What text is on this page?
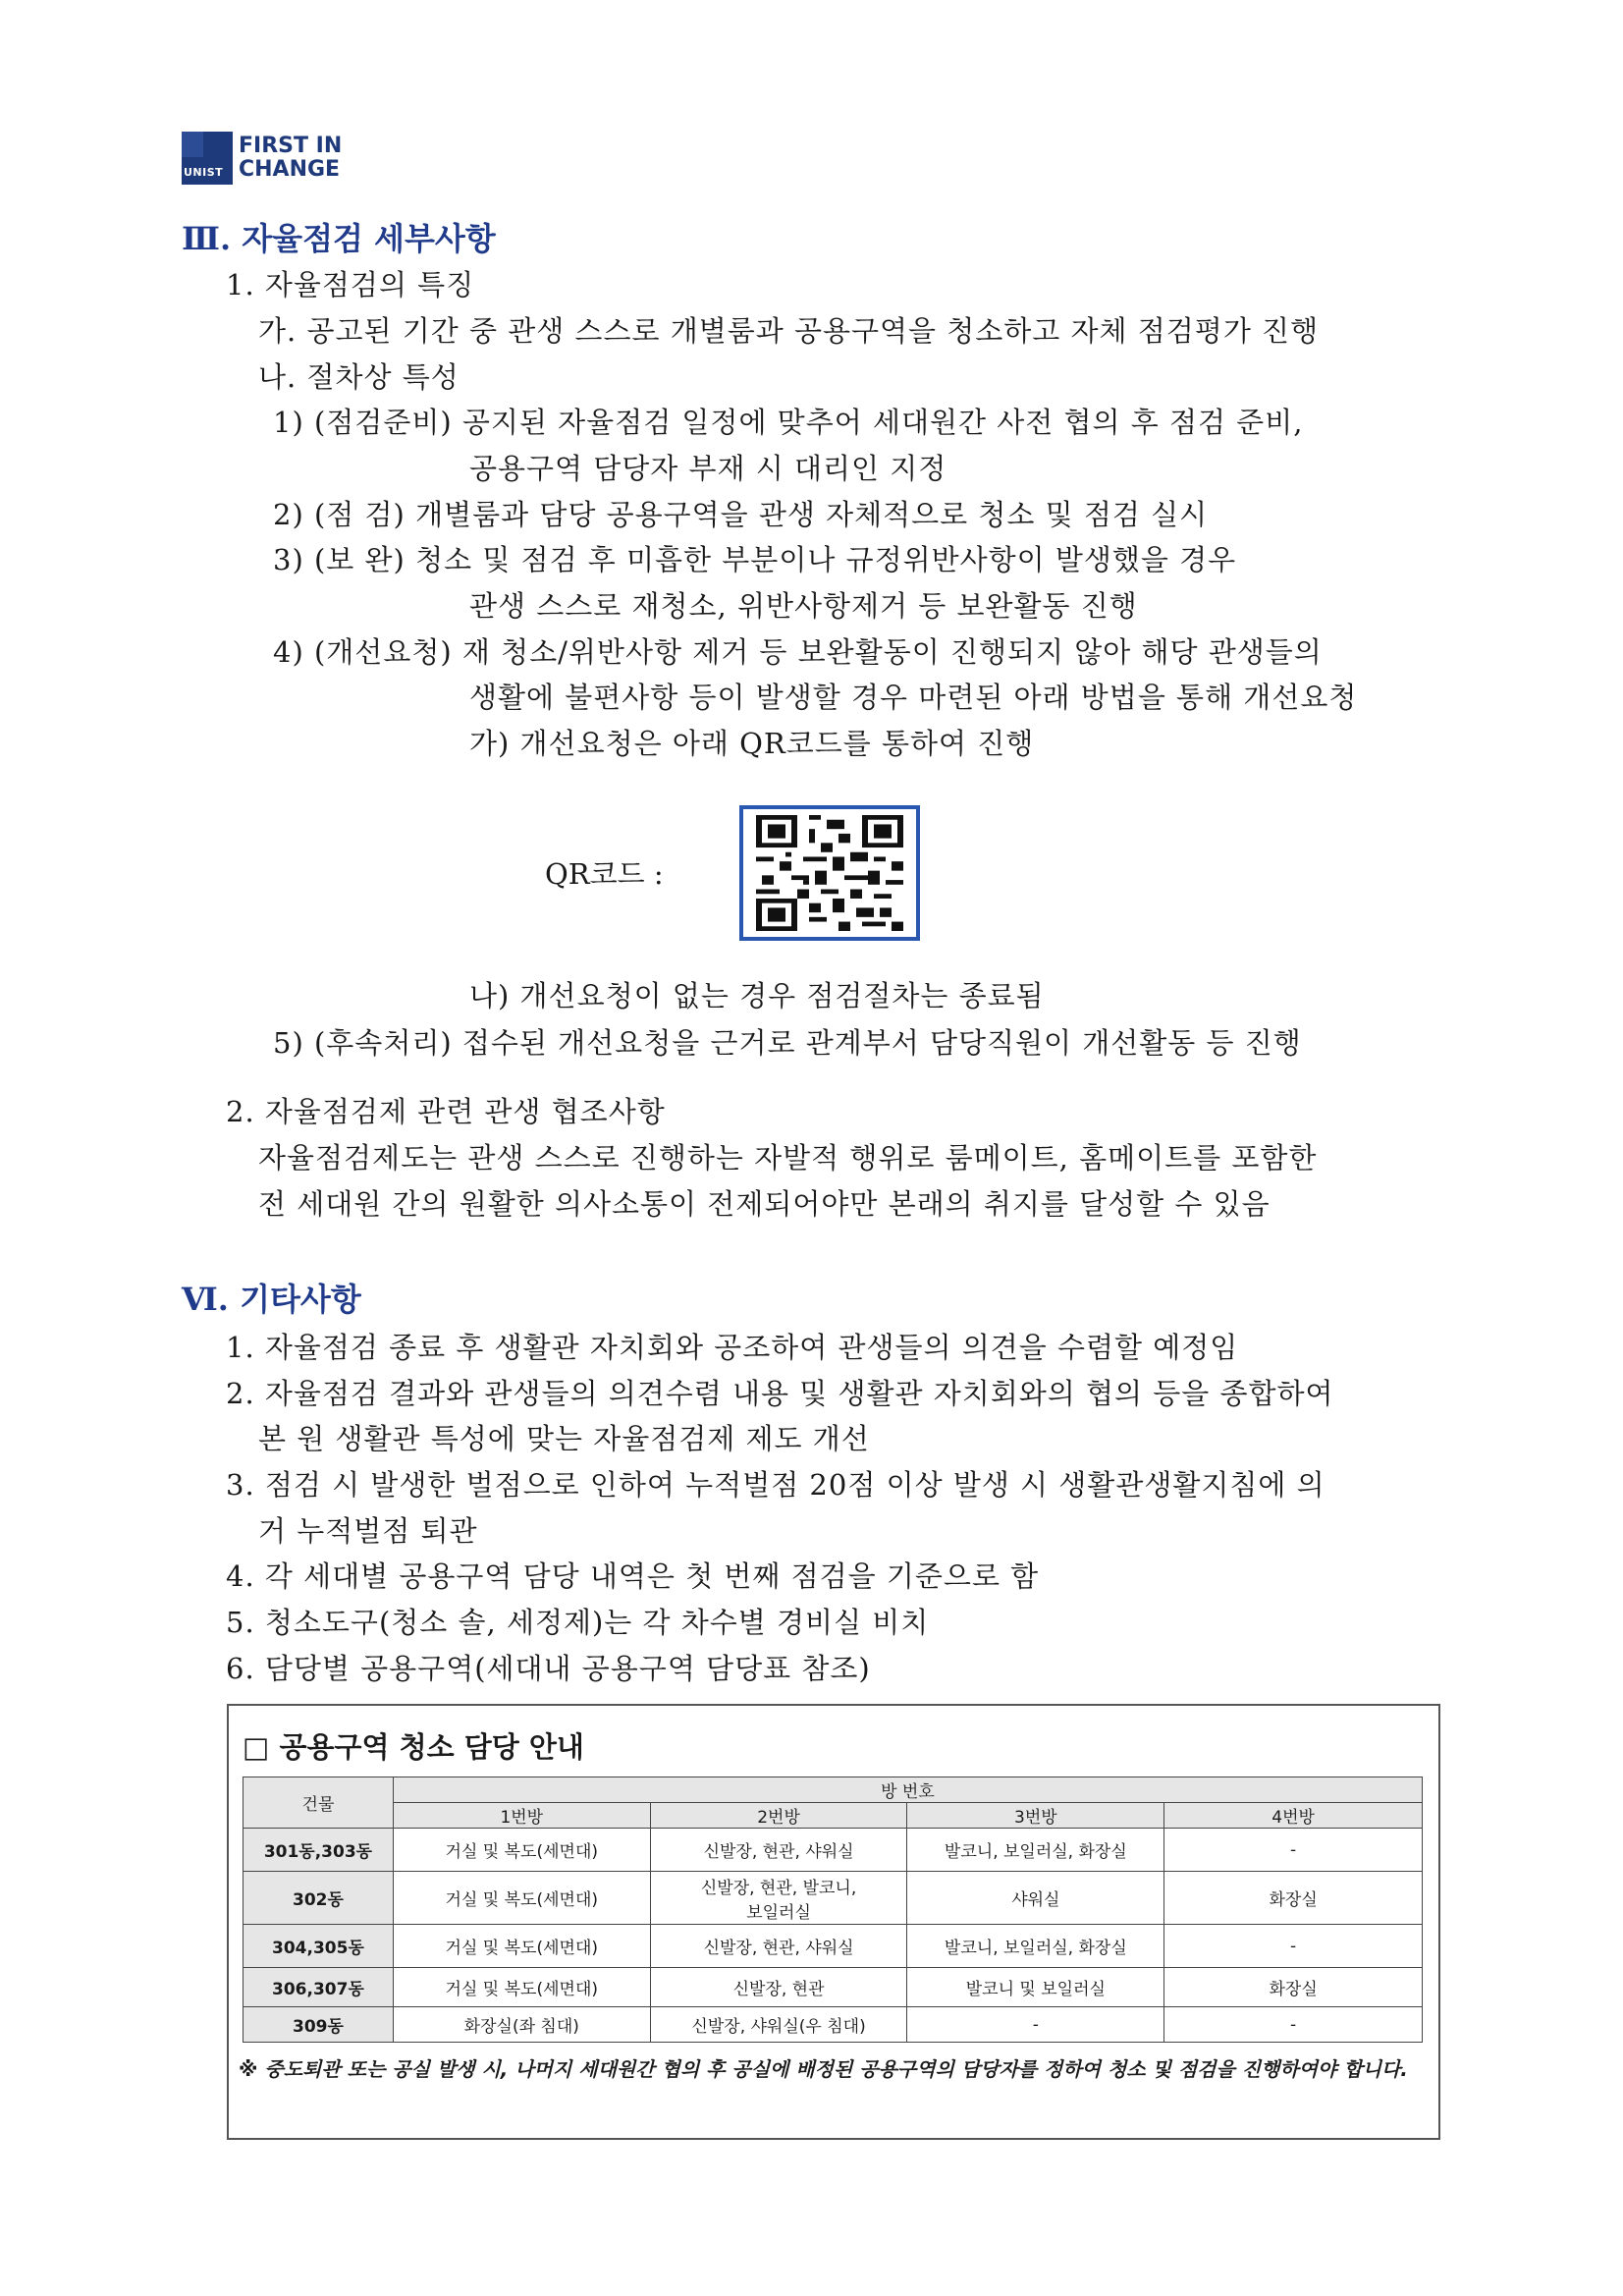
UNIST
FIRST IN
CHANGE
Ⅲ. 자율점검 세부사항
1. 자율점검의 특징
가. 공고된 기간 중 관생 스스로 개별룸과 공용구역을 청소하고 자체 점검평가 진행
나. 절차상 특성
1) (점검준비) 공지된 자율점검 일정에 맞추어 세대원간 사전 협의 후 점검 준비,
공용구역 담당자 부재 시 대리인 지정
2) (점 검) 개별룸과 담당 공용구역을 관생 자체적으로 청소 및 점검 실시
3) (보 완) 청소 및 점검 후 미흡한 부분이나 규정위반사항이 발생했을 경우
관생 스스로 재청소, 위반사항제거 등 보완활동 진행
4) (개선요청) 재 청소/위반사항 제거 등 보완활동이 진행되지 않아 해당 관생들의
생활에 불편사항 등이 발생할 경우 마련된 아래 방법을 통해 개선요청
가) 개선요청은 아래 QR코드를 통하여 진행
QR코드 :
나) 개선요청이 없는 경우 점검절차는 종료됨
5) (후속처리) 접수된 개선요청을 근거로 관계부서 담당직원이 개선활동 등 진행
2. 자율점검제 관련 관생 협조사항
자율점검제도는 관생 스스로 진행하는 자발적 행위로 룸메이트, 홈메이트를 포함한
전 세대원 간의 원활한 의사소통이 전제되어야만 본래의 취지를 달성할 수 있음
Ⅵ. 기타사항
1. 자율점검 종료 후 생활관 자치회와 공조하여 관생들의 의견을 수렴할 예정임
2. 자율점검 결과와 관생들의 의견수렴 내용 및 생활관 자치회와의 협의 등을 종합하여
본 원 생활관 특성에 맞는 자율점검제 제도 개선
3. 점검 시 발생한 벌점으로 인하여 누적벌점 20점 이상 발생 시 생활관생활지침에 의
거 누적벌점 퇴관
4. 각 세대별 공용구역 담당 내역은 첫 번째 점검을 기준으로 함
5. 청소도구(청소 솔, 세정제)는 각 차수별 경비실 비치
6. 담당별 공용구역(세대내 공용구역 담당표 참조)
□ 공용구역 청소 담당 안내
건물	방 번호			
	1번방	2번방	3번방	4번방
301동,303동	거실 및 복도(세면대)	신발장, 현관, 샤워실	발코니, 보일러실, 화장실	-
302동	거실 및 복도(세면대)	신발장, 현관, 발코니, 보일러실	샤워실	화장실
304,305동	거실 및 복도(세면대)	신발장, 현관, 샤워실	발코니, 보일러실, 화장실	-
306,307동	거실 및 복도(세면대)	신발장, 현관	발코니 및 보일러실	화장실
309동	화장실(좌 침대)	신발장, 샤워실(우 침대)	-	-
※ 중도퇴관 또는 공실 발생 시, 나머지 세대원간 협의 후 공실에 배정된 공용구역의 담당자를 정하여 청소 및 점검을 진행하여야 합니다.
